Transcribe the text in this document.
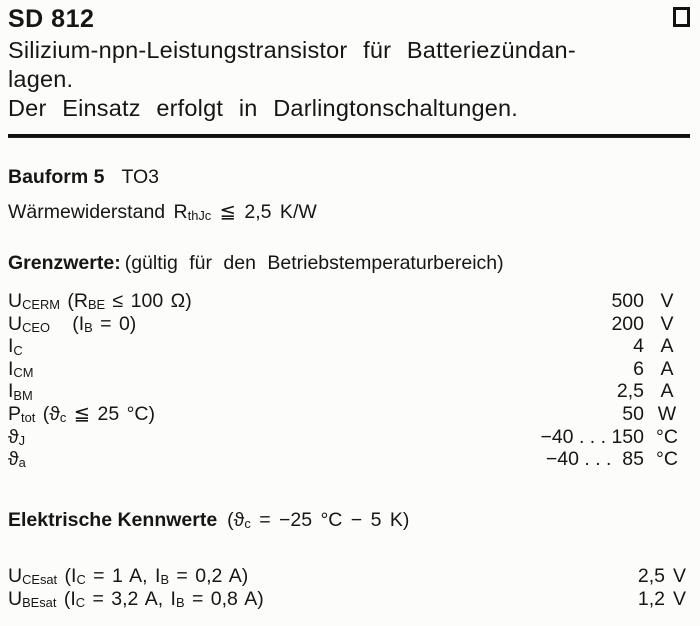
SD 812
Silizium-npn-Leistungstransistor für Batteriezündan-
lagen.
Der Einsatz erfolgt in Darlingtonschaltungen.
Bauform 5 TO3
Wärmewiderstand $R_{thJc}$ ≦ 2,5 K/W
Grenzwerte: (gültig für den Betriebstemperaturbereich)
$U_{CERM}$ ($R_{BE} \le 100$ Ω)	500 V
$U_{CEO}$   $(I_B = 0)$	200 V
$I_C$	4 A
$I_{CM}$	6 A
$I_{BM}$	2,5 A
$P_{tot}$ ($ϑ_c$ ≦ 25 °C)	50 W
$ϑ_J$	−40 . . . 150 °C
$ϑ_a$	−40 . . .  85 °C
Elektrische Kennwerte ($ϑ_c = -25$ °C − 5 K)
$U_{CEsat}$ ($I_C = 1$ A, $I_B = 0,2$ A)	2,5 V
$U_{BEsat}$ ($I_C = 3,2$ A, $I_B = 0,8$ A)	1,2 V
